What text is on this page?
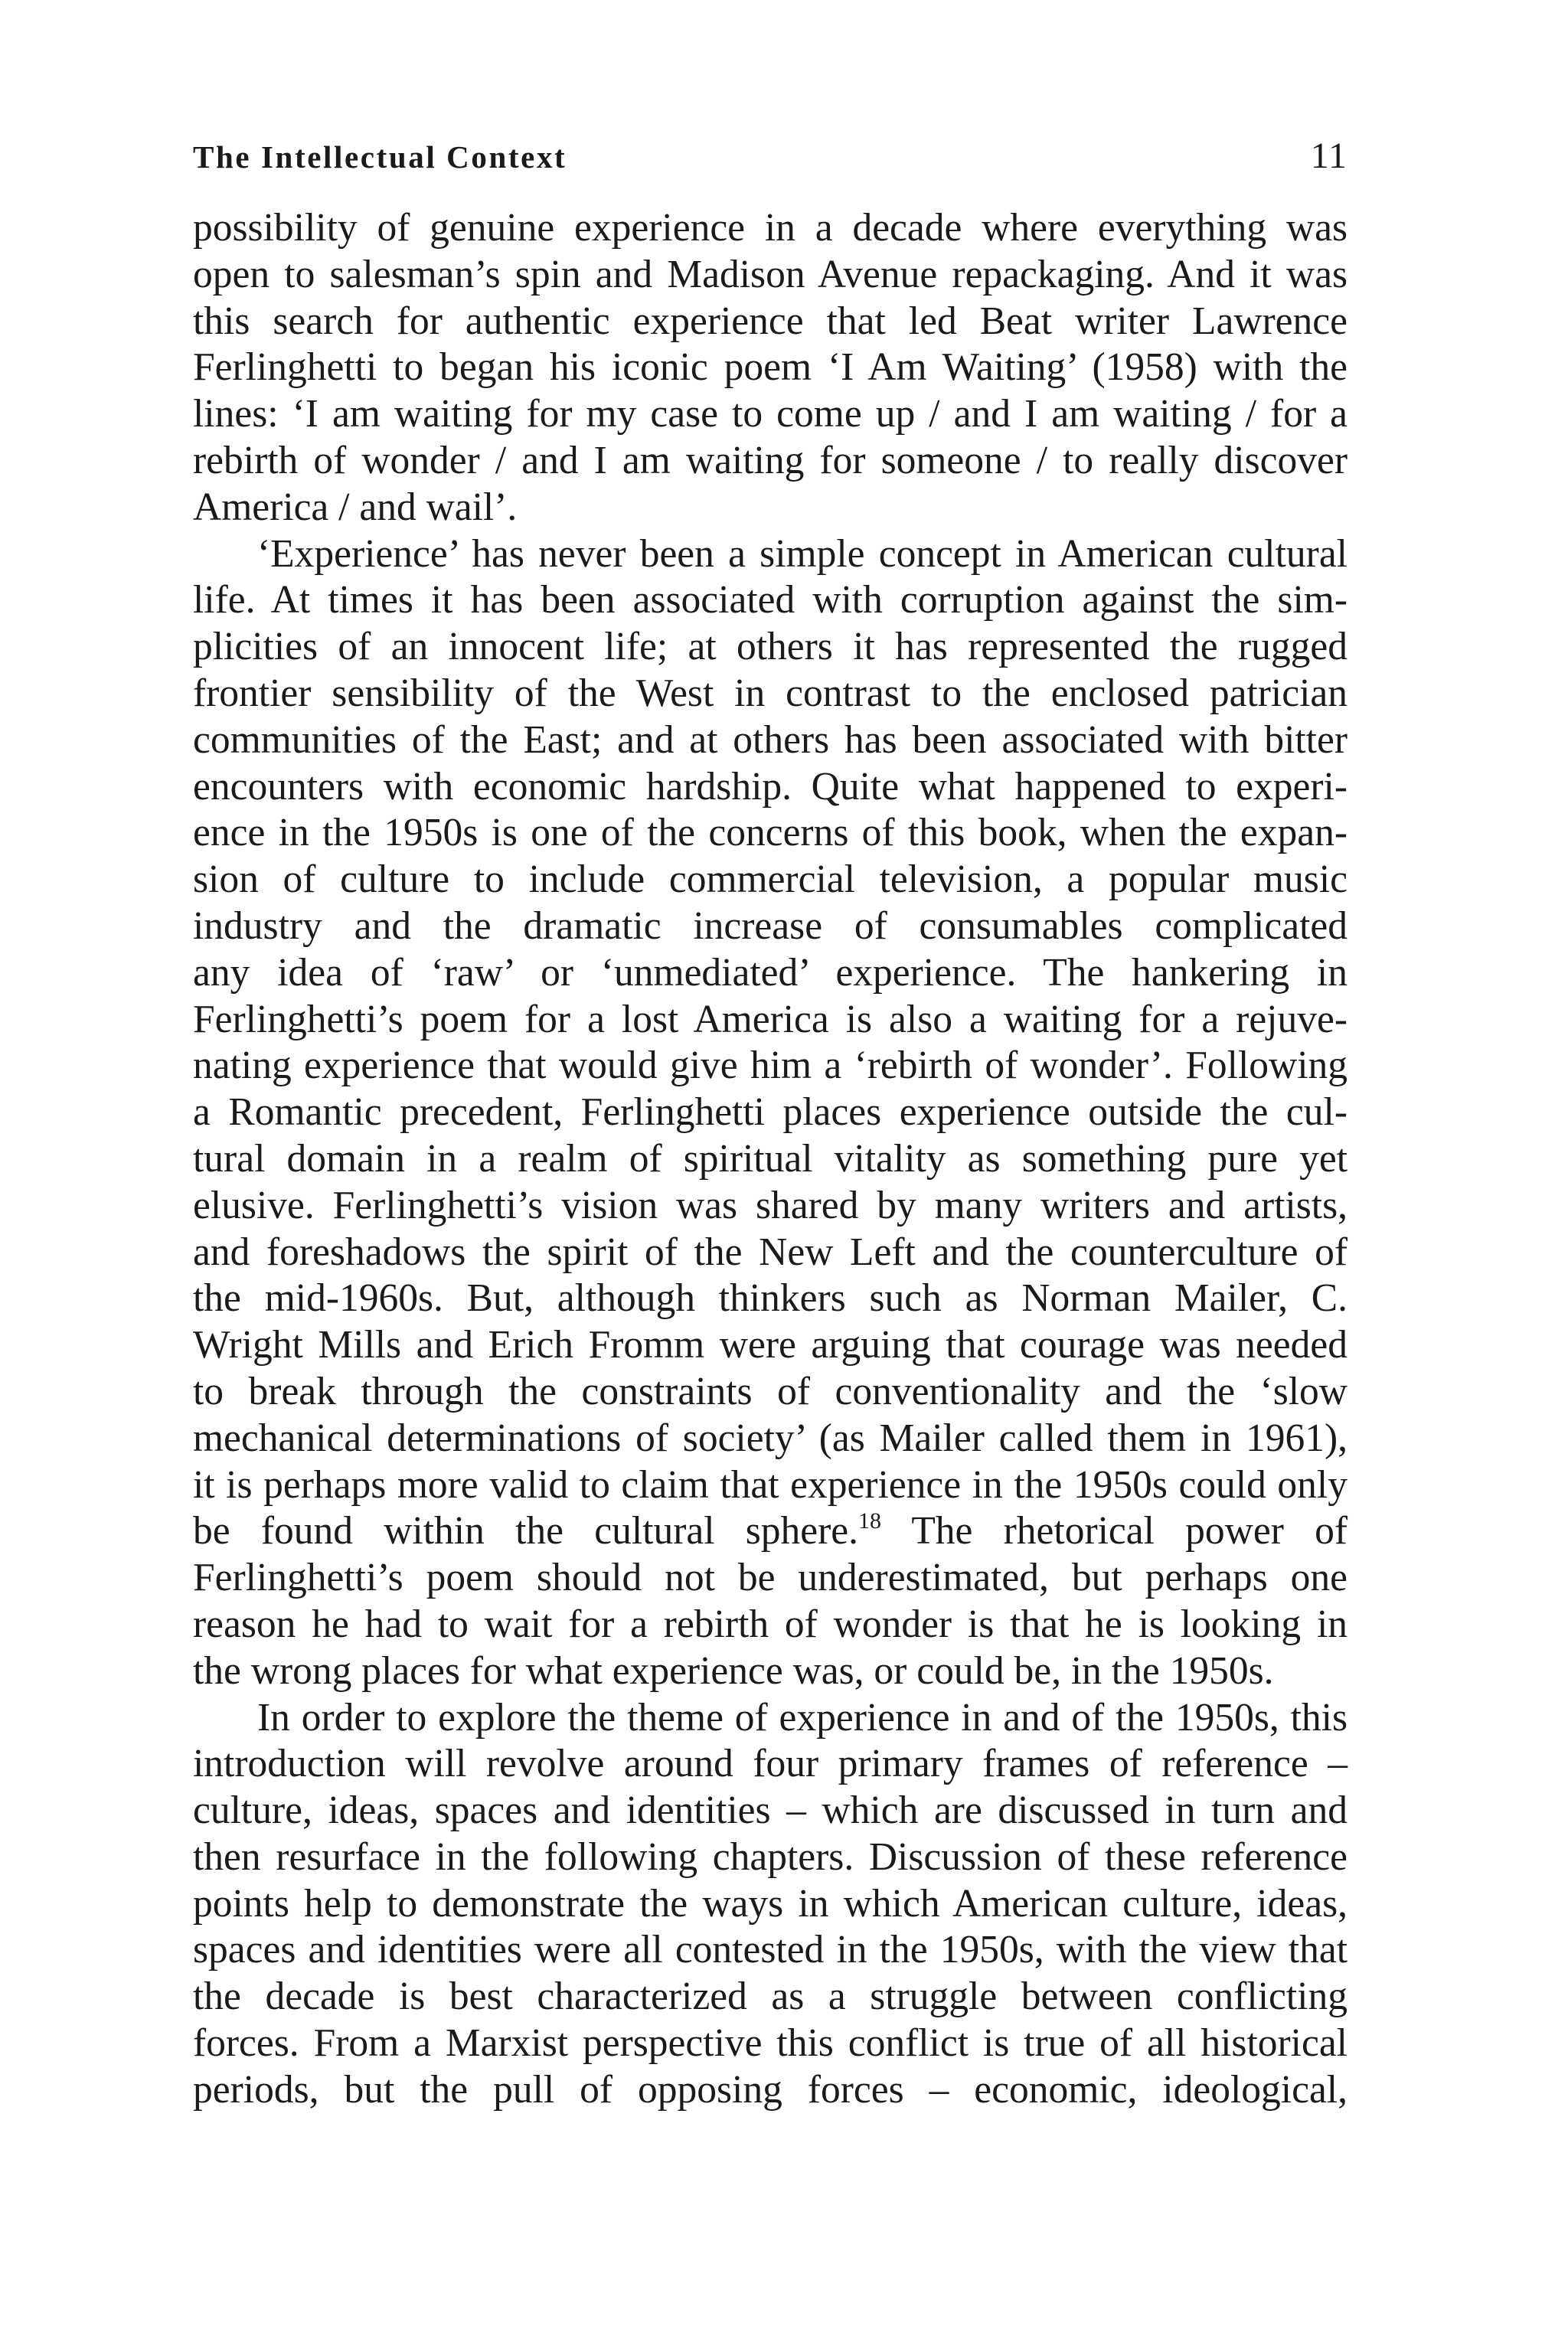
The Intellectual Context	11
possibility of genuine experience in a decade where everything was
open to salesman’s spin and Madison Avenue repackaging. And it was
this search for authentic experience that led Beat writer Lawrence
Ferlinghetti to began his iconic poem ‘I Am Waiting’ (1958) with the
lines: ‘I am waiting for my case to come up / and I am waiting / for a
rebirth of wonder / and I am waiting for someone / to really discover
America / and wail’.
‘Experience’ has never been a simple concept in American cultural
life. At times it has been associated with corruption against the sim-
plicities of an innocent life; at others it has represented the rugged
frontier sensibility of the West in contrast to the enclosed patrician
communities of the East; and at others has been associated with bitter
encounters with economic hardship. Quite what happened to experi-
ence in the 1950s is one of the concerns of this book, when the expan-
sion of culture to include commercial television, a popular music
industry and the dramatic increase of consumables complicated
any idea of ‘raw’ or ‘unmediated’ experience. The hankering in
Ferlinghetti’s poem for a lost America is also a waiting for a rejuve-
nating experience that would give him a ‘rebirth of wonder’. Following
a Romantic precedent, Ferlinghetti places experience outside the cul-
tural domain in a realm of spiritual vitality as something pure yet
elusive. Ferlinghetti’s vision was shared by many writers and artists,
and foreshadows the spirit of the New Left and the counterculture of
the mid-1960s. But, although thinkers such as Norman Mailer, C.
Wright Mills and Erich Fromm were arguing that courage was needed
to break through the constraints of conventionality and the ‘slow
mechanical determinations of society’ (as Mailer called them in 1961),
it is perhaps more valid to claim that experience in the 1950s could only
be found within the cultural sphere.$^{18}$ The rhetorical power of
Ferlinghetti’s poem should not be underestimated, but perhaps one
reason he had to wait for a rebirth of wonder is that he is looking in
the wrong places for what experience was, or could be, in the 1950s.
In order to explore the theme of experience in and of the 1950s, this
introduction will revolve around four primary frames of reference –
culture, ideas, spaces and identities – which are discussed in turn and
then resurface in the following chapters. Discussion of these reference
points help to demonstrate the ways in which American culture, ideas,
spaces and identities were all contested in the 1950s, with the view that
the decade is best characterized as a struggle between conflicting
forces. From a Marxist perspective this conflict is true of all historical
periods, but the pull of opposing forces – economic, ideological,
